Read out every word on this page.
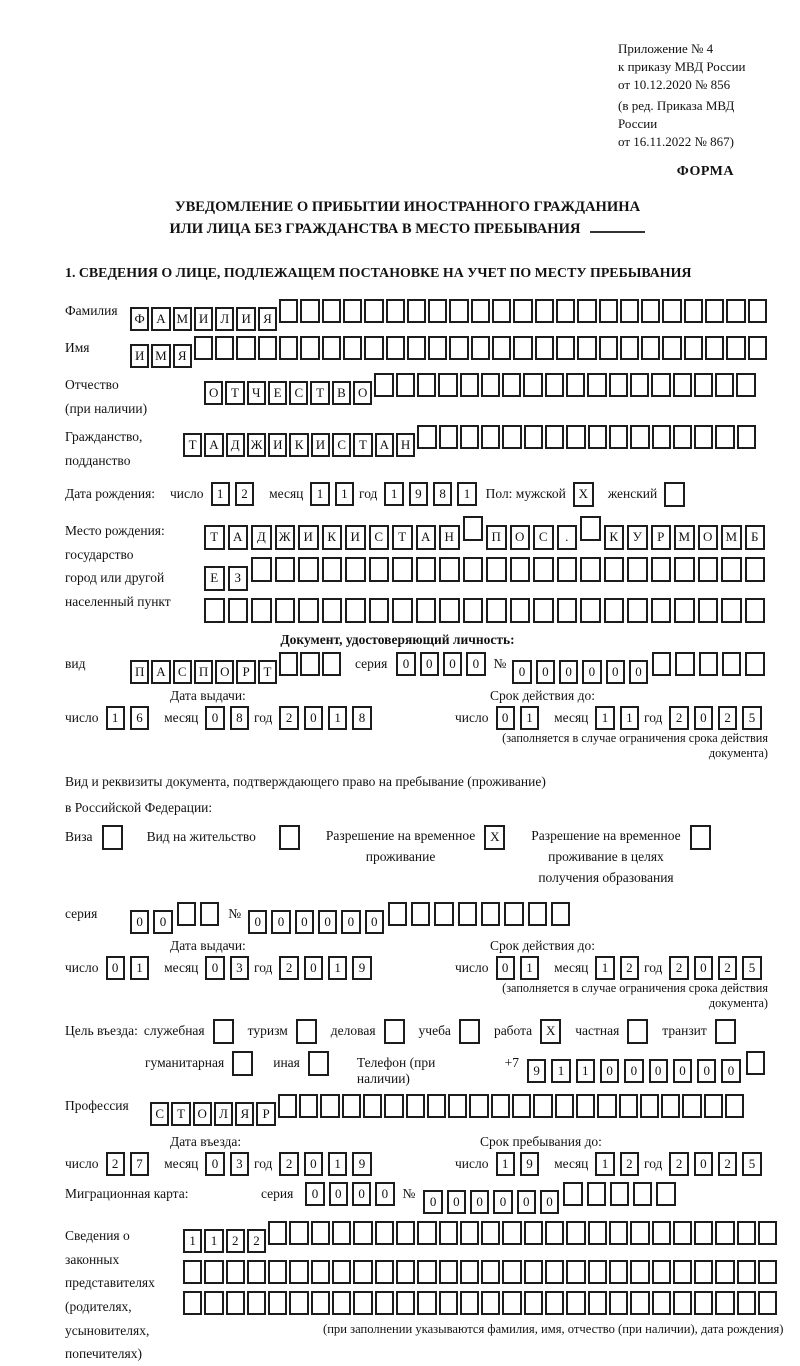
Приложение № 4
к приказу МВД России
от 10.12.2020 № 856
(в ред. Приказа МВД России
от 16.11.2022 № 867)
ФОРМА
УВЕДОМЛЕНИЕ О ПРИБЫТИИ ИНОСТРАННОГО ГРАЖДАНИНА
ИЛИ ЛИЦА БЕЗ ГРАЖДАНСТВА В МЕСТО ПРЕБЫВАНИЯ
1. СВЕДЕНИЯ О ЛИЦЕ, ПОДЛЕЖАЩЕМ ПОСТАНОВКЕ НА УЧЕТ ПО МЕСТУ ПРЕБЫВАНИЯ
Фамилия
Ф А М И Л И Я
Имя
И М Я
Отчество
(при наличии)
О Т Ч Е С Т В О
Гражданство,
подданство
Т А Д Ж И К И С Т А Н
Дата рождения:	число	1 2	месяц	1 1 год	1 9 8 1	Пол: мужской X	женский
Место рождения:
государство
город или другой
населенный пункт
Т А Д Ж И К И С Т А Н	П О С .	К У Р М О М Б
Е З
Документ, удостоверяющий личность:
вид
П А С П О Р Т
серия	0 0 0 0	№
0 0 0 0 0 0
Дата выдачи:
число	1 6	месяц	0 8 год	2 0 1 8
Срок действия до:
число	0 1	месяц	1 1 год	2 0 2 5
(заполняется в случае ограничения срока действия документа)
Вид и реквизиты документа, подтверждающего право на пребывание (проживание)
в Российской Федерации:
Виза	Вид на жительство	Разрешение на временное
проживание
X	Разрешение на временное
проживание в целях
получения образования
серия
0 0
№
0 0 0 0 0 0
Дата выдачи:
число	0 1	месяц	0 3 год	2 0 1 9
Срок действия до:
число	0 1	месяц	1 2 год	2 0 2 5
(заполняется в случае ограничения срока действия документа)
Цель въезда: служебная	туризм	деловая	учеба	работа	X	частная	транзит
гуманитарная	иная	Телефон (при наличии)
+7
9 1 1 0 0 0 0 0 0
Профессия
С Т О Л Я Р
Дата въезда:
число	2 7	месяц	0 3 год	2 0 1 9
Срок пребывания до:
число	1 9	месяц	1 2 год	2 0 2 5
Миграционная карта:	серия	0 0 0 0	№
0 0 0 0 0 0
Сведения о
законных
представителях
(родителях,
усыновителях,
попечителях)
1 1 2 2
(при заполнении указываются фамилия, имя, отчество (при наличии), дата рождения)
